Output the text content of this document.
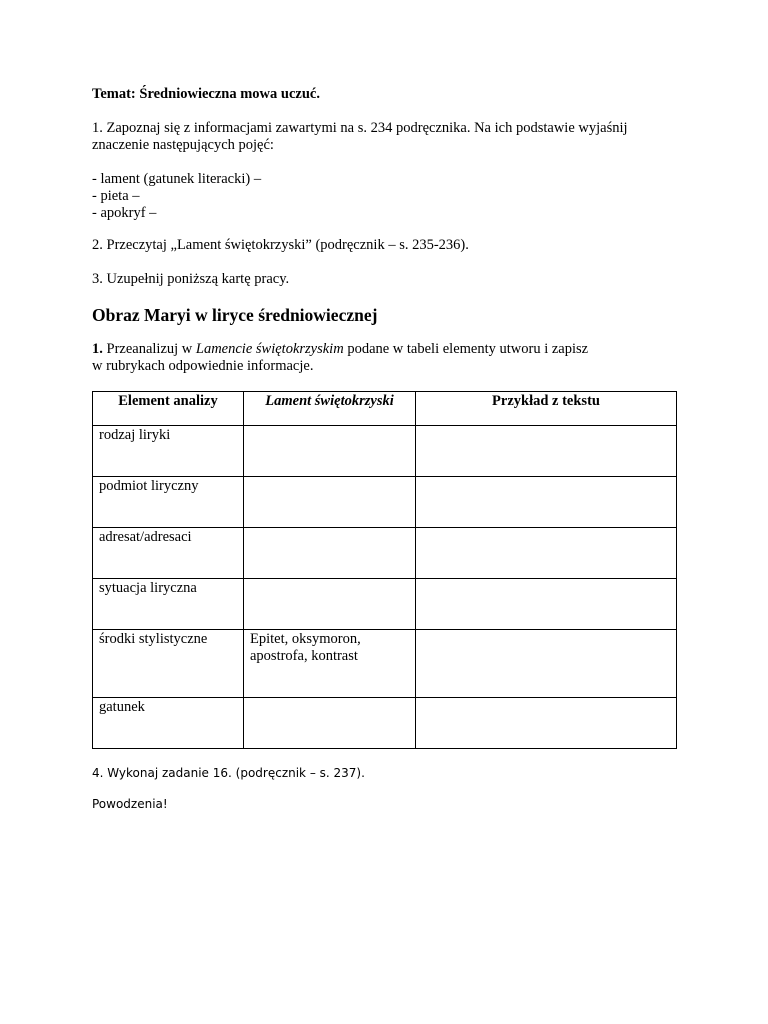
Temat: Średniowieczna mowa uczuć.
1. Zapoznaj się z informacjami zawartymi na s. 234 podręcznika. Na ich podstawie wyjaśnij
znaczenie następujących pojęć:
- lament (gatunek literacki) –
- pieta –
- apokryf –
2. Przeczytaj „Lament świętokrzyski” (podręcznik – s. 235-236).
3. Uzupełnij poniższą kartę pracy.
Obraz Maryi w liryce średniowiecznej
1. Przeanalizuj w Lamencie świętokrzyskim podane w tabeli elementy utworu i zapisz
w rubrykach odpowiednie informacje.
Element analizy	Lament świętokrzyski	Przykład z tekstu
rodzaj liryki		
podmiot liryczny		
adresat/adresaci		
sytuacja liryczna		
środki stylistyczne	Epitet, oksymoron,
apostrofa, kontrast	

gatunek		
4. Wykonaj zadanie 16. (podręcznik – s. 237).
Powodzenia!
